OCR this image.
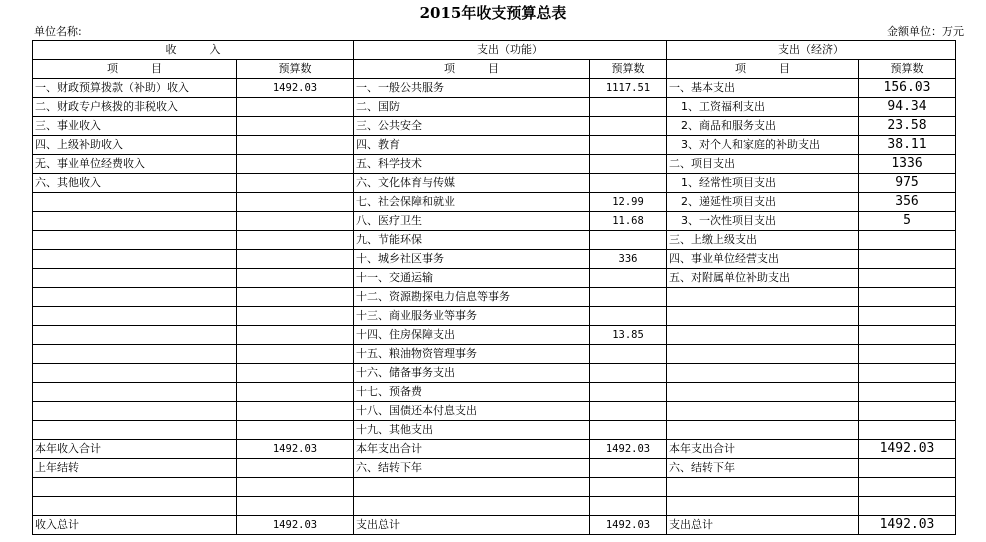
2015年收支预算总表
单位名称:	金额单位：万元
收　　　入		支出（功能）		支出（经济）	
项　　　目	预算数	项　　　目	预算数	项　　　目	预算数
一、财政预算拨款（补助）收入	1492.03	一、一般公共服务	1117.51	一、基本支出	156.03
二、财政专户核拨的非税收入		二、国防		1、工资福利支出	94.34
三、事业收入		三、公共安全		2、商品和服务支出	23.58
四、上级补助收入		四、教育		3、对个人和家庭的补助支出	38.11
无、事业单位经费收入		五、科学技术		二、项目支出	1336
六、其他收入		六、文化体育与传媒		1、经常性项目支出	975
		七、社会保障和就业	12.99	2、递延性项目支出	356
		八、医疗卫生	11.68	3、一次性项目支出	5
		九、节能环保		三、上缴上级支出	
		十、城乡社区事务	336	四、事业单位经营支出	
		十一、交通运输		五、对附属单位补助支出	
		十二、资源勘探电力信息等事务			
		十三、商业服务业等事务			
		十四、住房保障支出	13.85		
		十五、粮油物资管理事务			
		十六、储备事务支出			
		十七、预备费			
		十八、国债还本付息支出			
		十九、其他支出			
本年收入合计	1492.03	本年支出合计	1492.03	本年支出合计	1492.03
上年结转		六、结转下年		六、结转下年	

收入总计	1492.03	支出总计	1492.03	支出总计	1492.03
